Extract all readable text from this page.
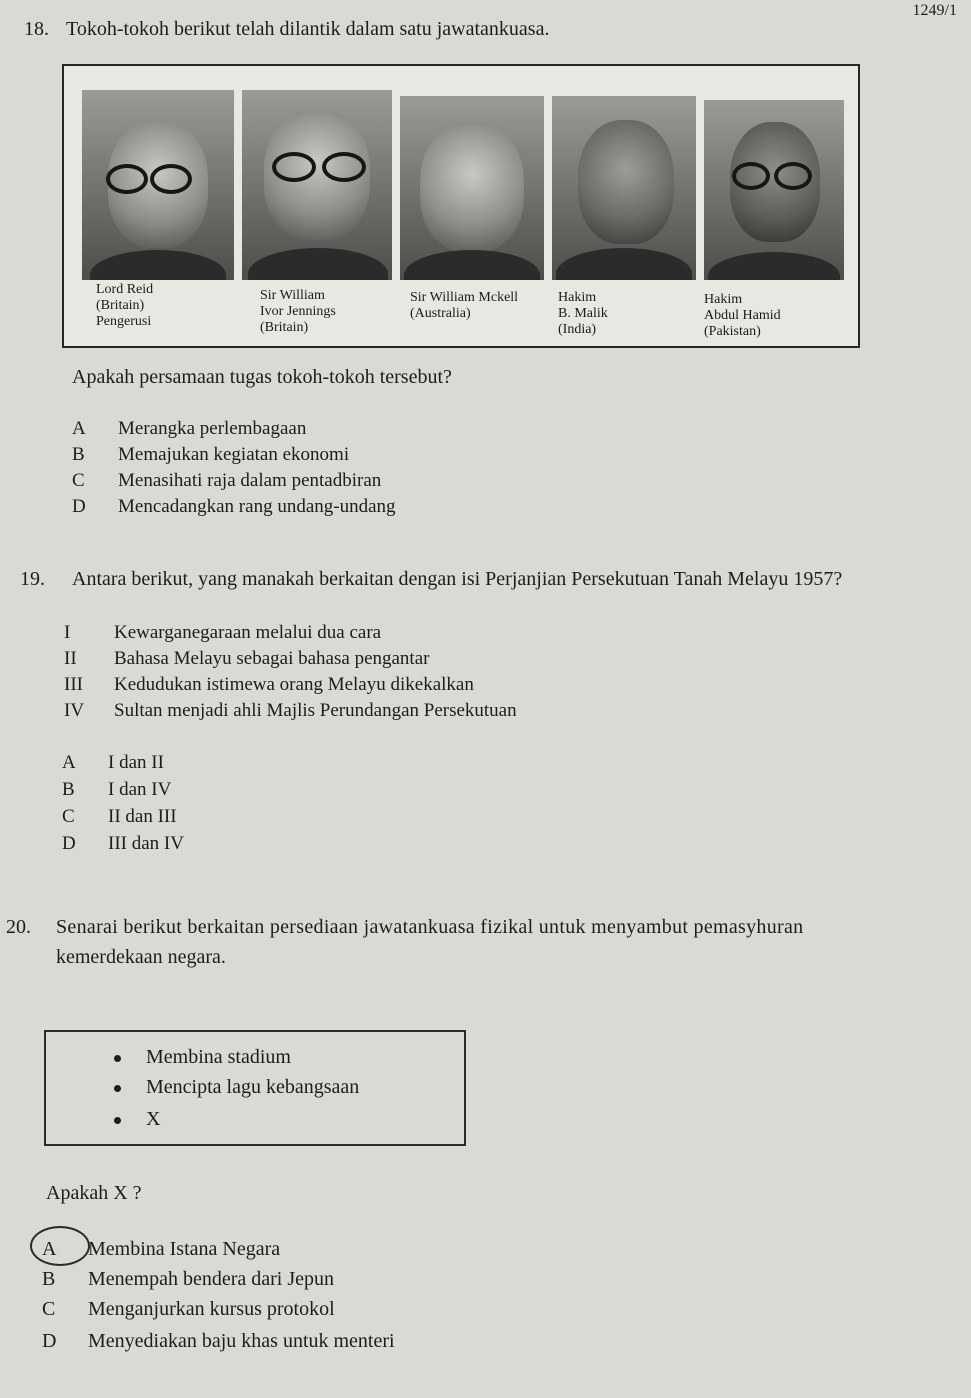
1249/1
18. Tokoh-tokoh berikut telah dilantik dalam satu jawatankuasa.
Lord Reid
(Britain)
Pengerusi
Sir William
Ivor Jennings
(Britain)
Sir William Mckell
(Australia)
Hakim
B. Malik
(India)
Hakim
Abdul Hamid
(Pakistan)
Apakah persamaan tugas tokoh-tokoh tersebut?
A Merangka perlembagaan
B Memajukan kegiatan ekonomi
C Menasihati raja dalam pentadbiran
D Mencadangkan rang undang-undang
19. Antara berikut, yang manakah berkaitan dengan isi Perjanjian Persekutuan Tanah Melayu 1957?
I Kewarganegaraan melalui dua cara
II Bahasa Melayu sebagai bahasa pengantar
III Kedudukan istimewa orang Melayu dikekalkan
IV Sultan menjadi ahli Majlis Perundangan Persekutuan
A I dan II
B I dan IV
C II dan III
D III dan IV
20. Senarai berikut berkaitan persediaan jawatankuasa fizikal untuk menyambut pemasyhuran
kemerdekaan negara.
Membina stadium
Mencipta lagu kebangsaan
X
Apakah X ?
A Membina Istana Negara
B Menempah bendera dari Jepun
C Menganjurkan kursus protokol
D Menyediakan baju khas untuk menteri
